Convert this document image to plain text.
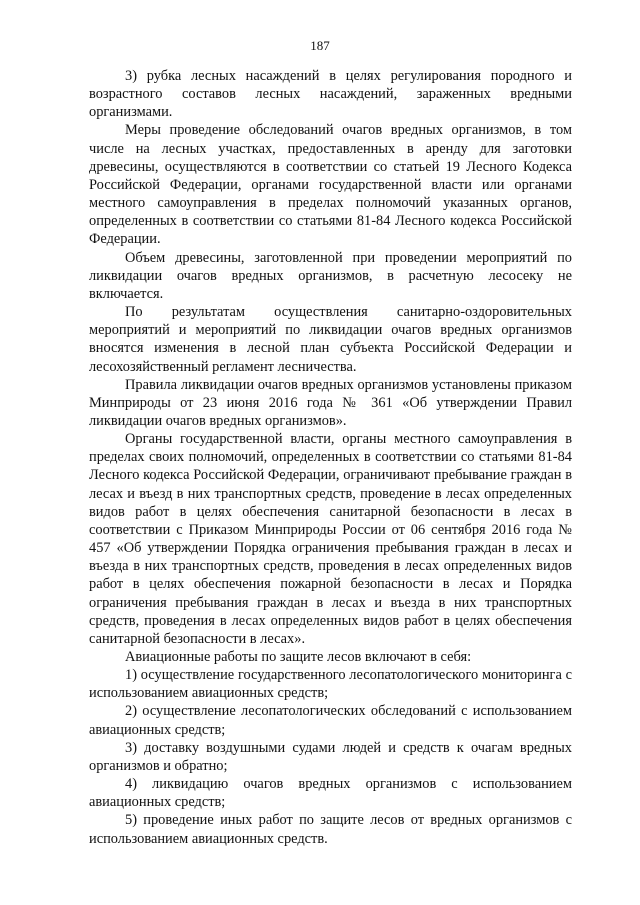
187

3) рубка лесных насаждений в целях регулирования породного и возрастного составов лесных насаждений, зараженных вредными организмами.

Меры проведение обследований очагов вредных организмов, в том числе на лесных участках, предоставленных в аренду для заготовки древесины, осуществляются в соответствии со статьей 19 Лесного Кодекса Российской Федерации, органами государственной власти или органами местного самоуправления в пределах полномочий указанных органов, определенных в соответствии со статьями 81-84 Лесного кодекса Российской Федерации.

Объем древесины, заготовленной при проведении мероприятий по ликвидации очагов вредных организмов, в расчетную лесосеку не включается.

По результатам осуществления санитарно-оздоровительных мероприятий и мероприятий по ликвидации очагов вредных организмов вносятся изменения в лесной план субъекта Российской Федерации и лесохозяйственный регламент лесничества.

Правила ликвидации очагов вредных организмов установлены приказом Минприроды от 23 июня 2016 года № 361 «Об утверждении Правил ликвидации очагов вредных организмов».

Органы государственной власти, органы местного самоуправления в пределах своих полномочий, определенных в соответствии со статьями 81-84 Лесного кодекса Российской Федерации, ограничивают пребывание граждан в лесах и въезд в них транспортных средств, проведение в лесах определенных видов работ в целях обеспечения санитарной безопасности в лесах в соответствии с Приказом Минприроды России от 06 сентября 2016 года № 457 «Об утверждении Порядка ограничения пребывания граждан в лесах и въезда в них транспортных средств, проведения в лесах определенных видов работ в целях обеспечения пожарной безопасности в лесах и Порядка ограничения пребывания граждан в лесах и въезда в них транспортных средств, проведения в лесах определенных видов работ в целях обеспечения санитарной безопасности в лесах».

Авиационные работы по защите лесов включают в себя:

1) осуществление государственного лесопатологического мониторинга с использованием авиационных средств;

2) осуществление лесопатологических обследований с использованием авиационных средств;

3) доставку воздушными судами людей и средств к очагам вредных организмов и обратно;

4) ликвидацию очагов вредных организмов с использованием авиационных средств;

5) проведение иных работ по защите лесов от вредных организмов с использованием авиационных средств.
